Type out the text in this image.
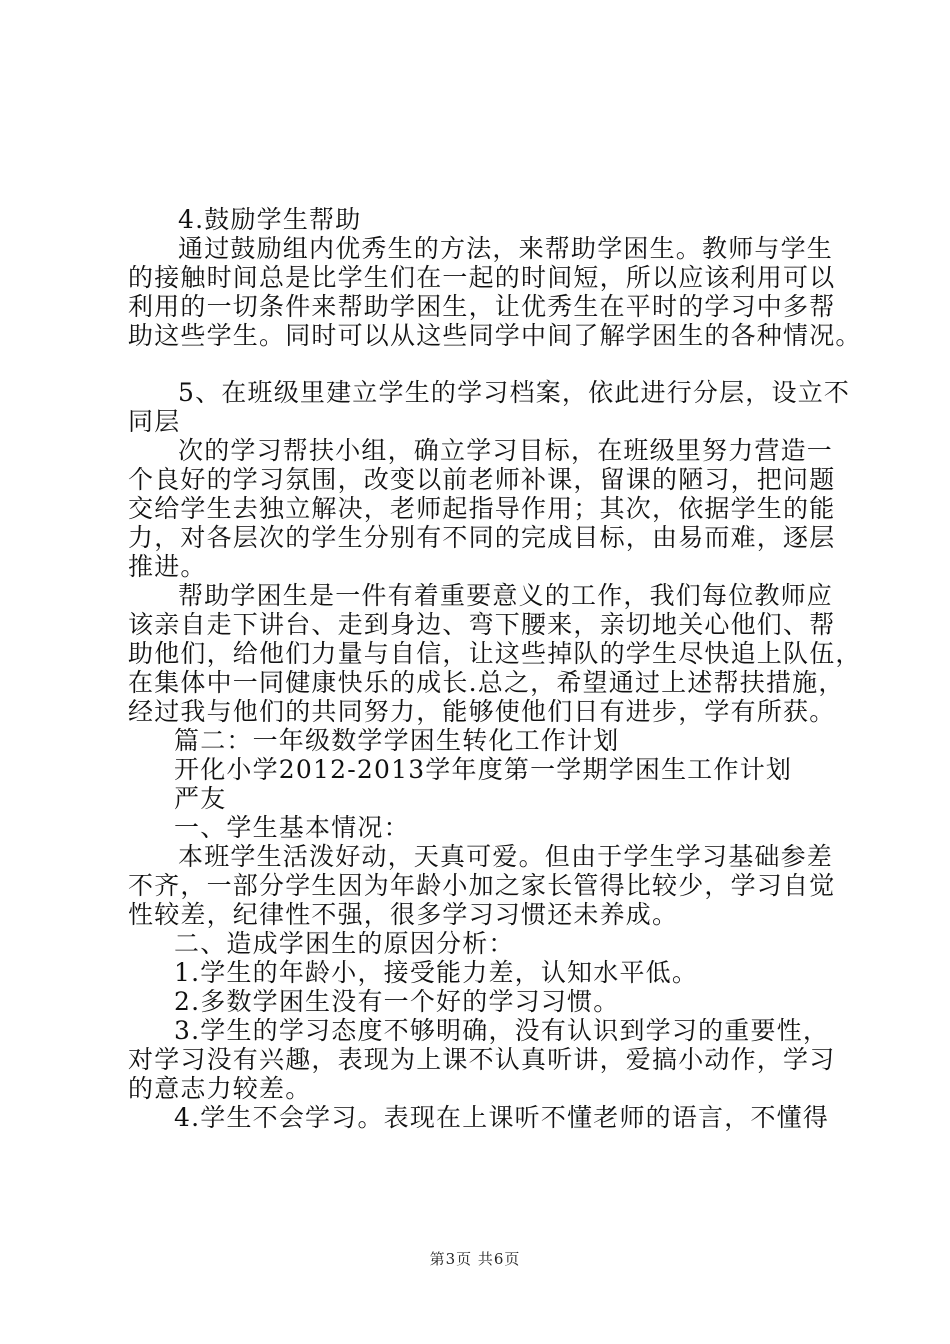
4.鼓励学生帮助
通过鼓励组内优秀生的方法，来帮助学困生。教师与学生
的接触时间总是比学生们在一起的时间短，所以应该利用可以
利用的一切条件来帮助学困生，让优秀生在平时的学习中多帮
助这些学生。同时可以从这些同学中间了解学困生的各种情况。
5、在班级里建立学生的学习档案，依此进行分层，设立不
同层
次的学习帮扶小组，确立学习目标，在班级里努力营造一
个良好的学习氛围，改变以前老师补课，留课的陋习，把问题
交给学生去独立解决，老师起指导作用；其次，依据学生的能
力，对各层次的学生分别有不同的完成目标，由易而难，逐层
推进。
帮助学困生是一件有着重要意义的工作，我们每位教师应
该亲自走下讲台、走到身边、弯下腰来，亲切地关心他们、帮
助他们，给他们力量与自信，让这些掉队的学生尽快追上队伍，
在集体中一同健康快乐的成长.总之，希望通过上述帮扶措施，
经过我与他们的共同努力，能够使他们日有进步，学有所获。
篇二：一年级数学学困生转化工作计划
开化小学2012-2013学年度第一学期学困生工作计划
严友
一、学生基本情况：
本班学生活泼好动，天真可爱。但由于学生学习基础参差
不齐，一部分学生因为年龄小加之家长管得比较少，学习自觉
性较差，纪律性不强，很多学习习惯还未养成。
二、造成学困生的原因分析：
1.学生的年龄小，接受能力差，认知水平低。
2.多数学困生没有一个好的学习习惯。
3.学生的学习态度不够明确，没有认识到学习的重要性，
对学习没有兴趣，表现为上课不认真听讲，爱搞小动作，学习
的意志力较差。
4.学生不会学习。表现在上课听不懂老师的语言，不懂得
第3页 共6页
